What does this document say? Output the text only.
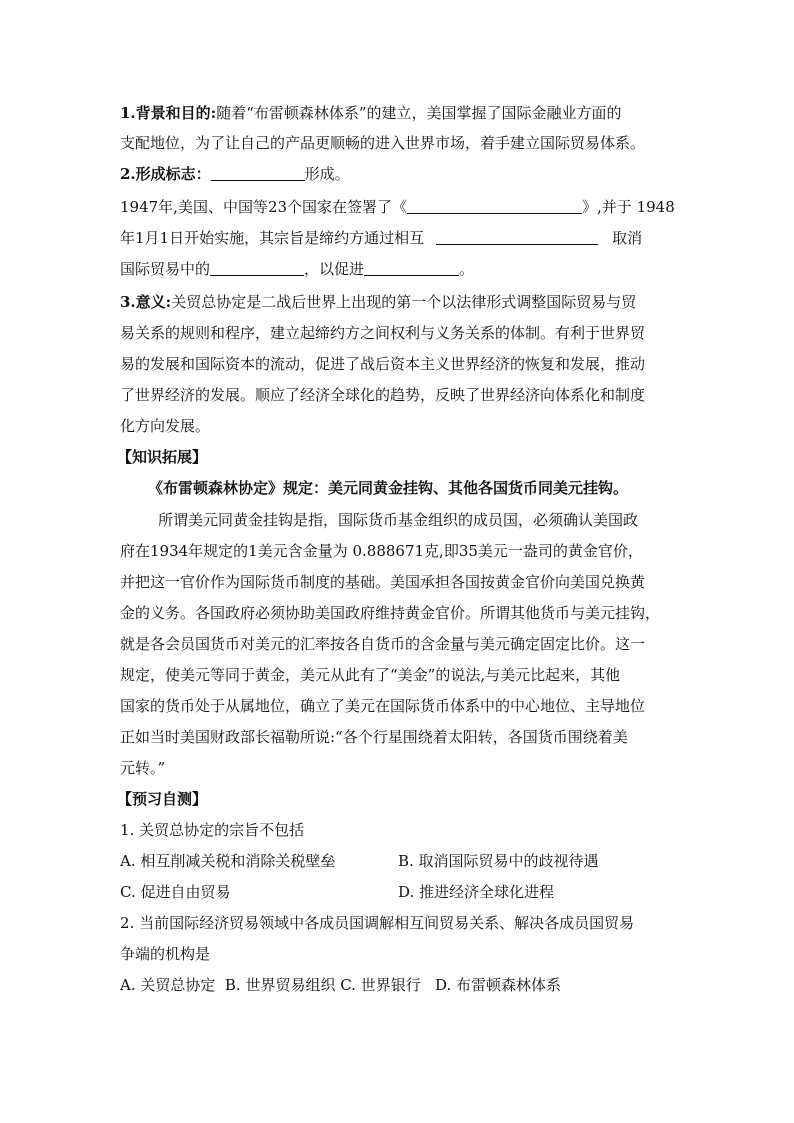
1.背景和目的:随着“布雷顿森林体系”的建立，美国掌握了国际金融业方面的
支配地位，为了让自己的产品更顺畅的进入世界市场，着手建立国际贸易体系。
2.形成标志：	形成。
1947年,美国、中国等23个国家在签署了《	》,并于 1948
年1月1日开始实施，其宗旨是缔约方通过相互	取消
国际贸易中的	，以促进	。
3.意义:关贸总协定是二战后世界上出现的第一个以法律形式调整国际贸易与贸
易关系的规则和程序，建立起缔约方之间权利与义务关系的体制。有利于世界贸
易的发展和国际资本的流动，促进了战后资本主义世界经济的恢复和发展，推动
了世界经济的发展。顺应了经济全球化的趋势，反映了世界经济向体系化和制度
化方向发展。
【知识拓展】
《布雷顿森林协定》规定：美元同黄金挂钩、其他各国货币同美元挂钩。
所谓美元同黄金挂钩是指，国际货币基金组织的成员国，必须确认美国政
府在1934年规定的1美元含金量为 0.888671克,即35美元一盎司的黄金官价，
并把这一官价作为国际货币制度的基础。美国承担各国按黄金官价向美国兑换黄
金的义务。各国政府必须协助美国政府维持黄金官价。所谓其他货币与美元挂钩，
就是各会员国货币对美元的汇率按各自货币的含金量与美元确定固定比价。这一
规定，使美元等同于黄金，美元从此有了“美金”的说法,与美元比起来，其他
国家的货币处于从属地位，确立了美元在国际货币体系中的中心地位、主导地位
正如当时美国财政部长福勒所说:“各个行星围绕着太阳转，各国货币围绕着美
元转。”
【预习自测】
1. 关贸总协定的宗旨不包括
A. 相互削减关税和消除关税壁垒	B. 取消国际贸易中的歧视待遇
C. 促进自由贸易	D. 推进经济全球化进程
2. 当前国际经济贸易领域中各成员国调解相互间贸易关系、解决各成员国贸易
争端的机构是
A. 关贸总协定  B. 世界贸易组织 C. 世界银行   D. 布雷顿森林体系
